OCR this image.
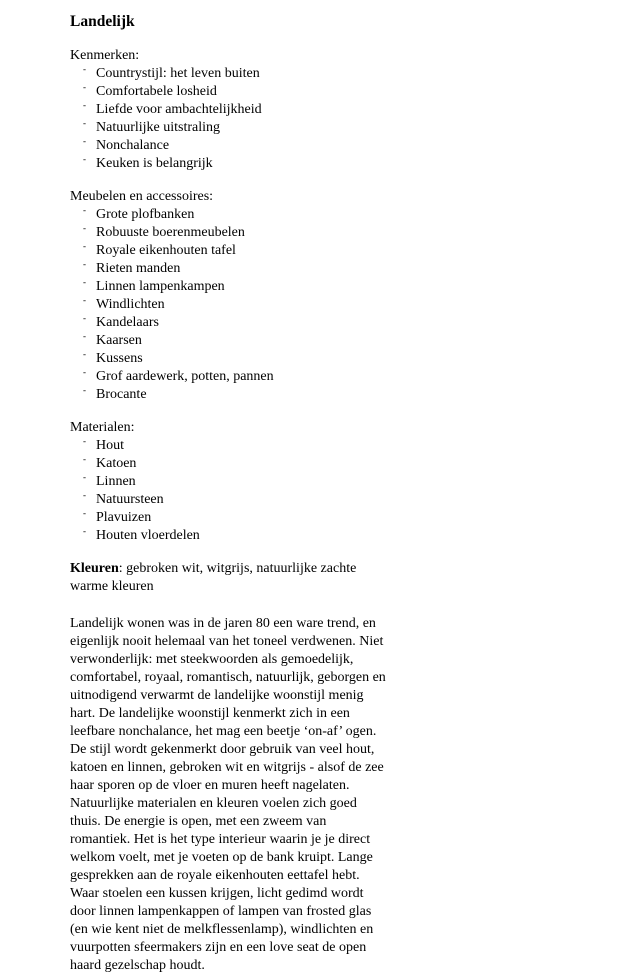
Landelijk

Kenmerken:

- Countrystijl: het leven buiten
- Comfortabele losheid
- Liefde voor ambachtelijkheid
- Natuurlijke uitstraling
- Nonchalance
- Keuken is belangrijk

Meubelen en accessoires:

- Grote plofbanken
- Robuuste boerenmeubelen
- Royale eikenhouten tafel
- Rieten manden
- Linnen lampenkampen
- Windlichten
- Kandelaars
- Kaarsen
- Kussens
- Grof aardewerk, potten, pannen
- Brocante

Materialen:

- Hout
- Katoen
- Linnen
- Natuursteen
- Plavuizen
- Houten vloerdelen

Kleuren: gebroken wit, witgrijs, natuurlijke zachte
warme kleuren

Landelijk wonen was in de jaren 80 een ware trend, en
eigenlijk nooit helemaal van het toneel verdwenen. Niet
verwonderlijk: met steekwoorden als gemoedelijk,
comfortabel, royaal, romantisch, natuurlijk, geborgen en
uitnodigend verwarmt de landelijke woonstijl menig
hart. De landelijke woonstijl kenmerkt zich in een
leefbare nonchalance, het mag een beetje ‘on-af’ ogen.
De stijl wordt gekenmerkt door gebruik van veel hout,
katoen en linnen, gebroken wit en witgrijs - alsof de zee
haar sporen op de vloer en muren heeft nagelaten.
Natuurlijke materialen en kleuren voelen zich goed
thuis. De energie is open, met een zweem van
romantiek. Het is het type interieur waarin je je direct
welkom voelt, met je voeten op de bank kruipt. Lange
gesprekken aan de royale eikenhouten eettafel hebt.
Waar stoelen een kussen krijgen, licht gedimd wordt
door linnen lampenkappen of lampen van frosted glas
(en wie kent niet de melkflessenlamp), windlichten en
vuurpotten sfeermakers zijn en een love seat de open
haard gezelschap houdt.
